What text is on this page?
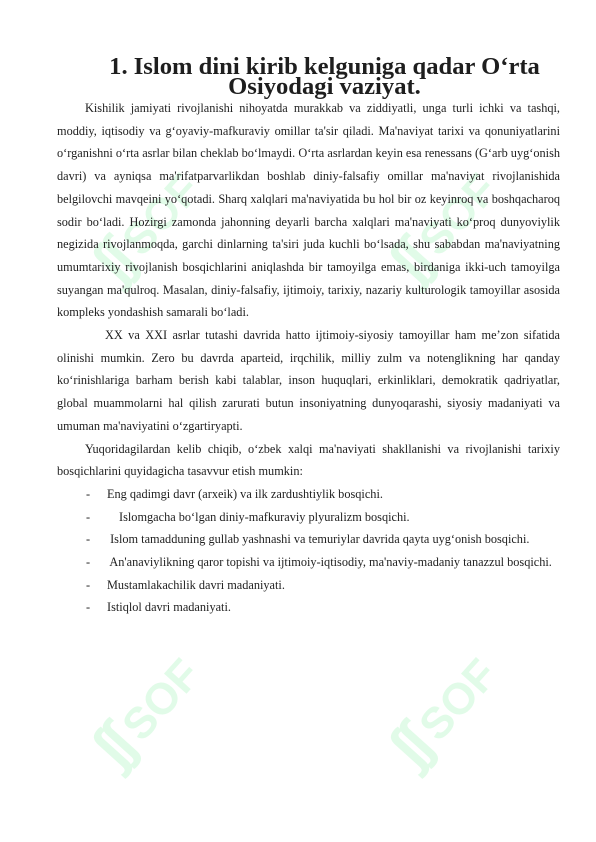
ʃʃSOF	ʃʃSOF
ʃʃSOF	ʃʃSOF
1. Islom dini kirib kelguniga qadar O‘rta Osiyodagi vaziyat.

Kishilik jamiyati rivojlanishi nihoyatda murakkab va ziddiyatli, unga turli ichki va tashqi, moddiy, iqtisodiy va g‘oyaviy-mafkuraviy omillar ta'sir qiladi. Ma'naviyat tarixi va qonuniyatlarini o‘rganishni o‘rta asrlar bilan cheklab bo‘lmaydi. O‘rta asrlardan keyin esa renessans (G‘arb uyg‘onish davri) va ayniqsa ma'rifatparvarlikdan boshlab diniy-falsafiy omillar ma'naviyat rivojlanishida belgilovchi mavqeini yo‘qotadi. Sharq xalqlari ma'naviyatida bu hol bir oz keyinroq va boshqacharoq sodir bo‘ladi. Hozirgi zamonda jahonning deyarli barcha xalqlari ma'naviyati ko‘proq dunyoviylik negizida rivojlanmoqda, garchi dinlarning ta'siri juda kuchli bo‘lsada, shu sababdan ma'naviyatning umumtarixiy rivojlanish bosqichlarini aniqlashda bir tamoyilga emas, birdaniga ikki-uch tamoyilga suyangan ma'qulroq. Masalan, diniy-falsafiy, ijtimoiy, tarixiy, nazariy kulturologik tamoyillar asosida kompleks yondashish samarali bo‘ladi.

XX va XXI asrlar tutashi davrida hatto ijtimoiy-siyosiy tamoyillar ham me’zon sifatida olinishi mumkin. Zero bu davrda aparteid, irqchilik, milliy zulm va notenglikning har qanday ko‘rinishlariga barham berish kabi talablar, inson huquqlari, erkinliklari, demokratik qadriyatlar, global muammolarni hal qilish zarurati butun insoniyatning dunyoqarashi, siyosiy madaniyati va umuman ma'naviyatini o‘zgartiryapti.

Yuqoridagilardan kelib chiqib, o‘zbek xalqi ma'naviyati shakllanishi va rivojlanishi tarixiy bosqichlarini quyidagicha tasavvur etish mumkin:

-	Eng qadimgi davr (arxeik) va ilk zardushtiylik bosqichi.
-	Islomgacha bo‘lgan diniy-mafkuraviy plyuralizm bosqichi.
- Islom tamadduning gullab yashnashi va temuriylar davrida qayta uyg‘onish bosqichi.
- An'anaviylikning qaror topishi va ijtimoiy-iqtisodiy, ma'naviy-madaniy tanazzul bosqichi.
-	Mustamlakachilik davri madaniyati.
-	Istiqlol davri madaniyati.
